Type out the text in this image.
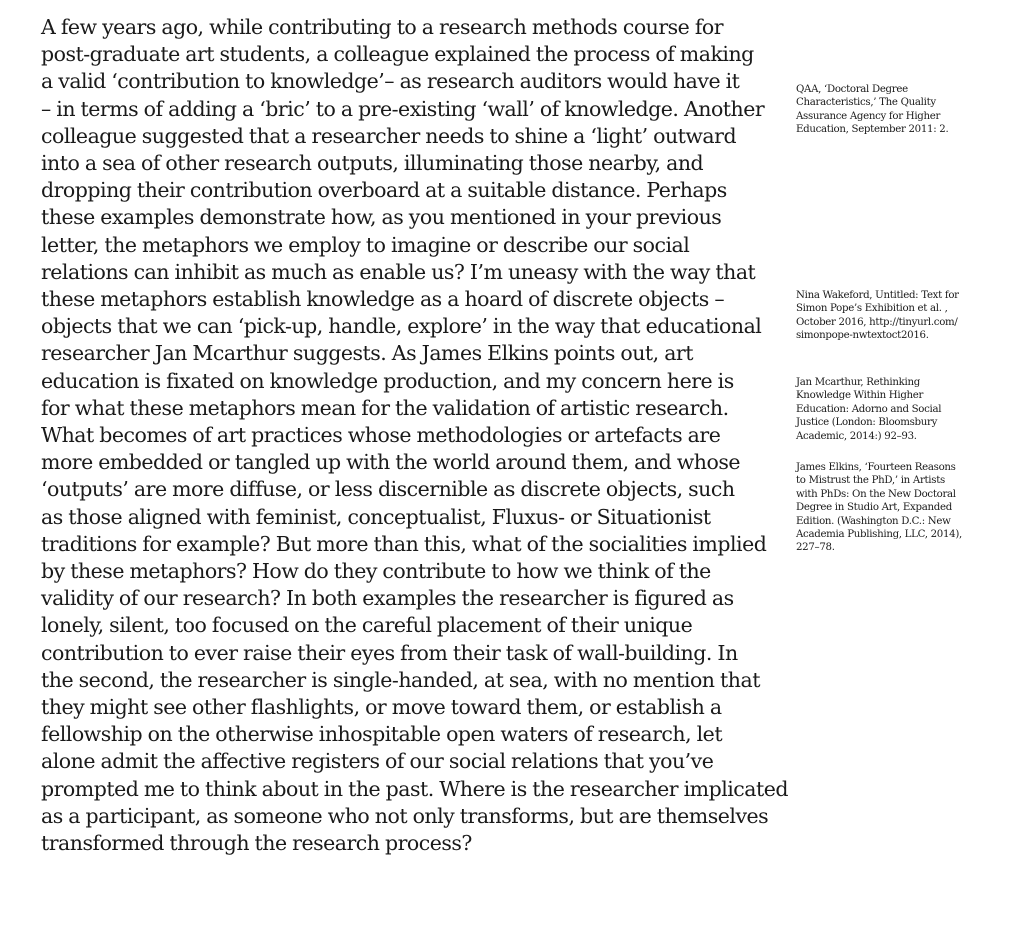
A few years ago, while contributing to a research methods course for
post-graduate art students, a colleague explained the process of making
a valid ‘contribution to knowledge’– as research auditors would have it
– in terms of adding a ‘bric’ to a pre-existing ‘wall’ of knowledge. Another
colleague suggested that a researcher needs to shine a ‘light’ outward
into a sea of other research outputs, illuminating those nearby, and
dropping their contribution overboard at a suitable distance. Perhaps
these examples demonstrate how, as you mentioned in your previous
letter, the metaphors we employ to imagine or describe our social
relations can inhibit as much as enable us? I’m uneasy with the way that
these metaphors establish knowledge as a hoard of discrete objects –
objects that we can ‘pick-up, handle, explore’ in the way that educational
researcher Jan Mcarthur suggests. As James Elkins points out, art
education is fixated on knowledge production, and my concern here is
for what these metaphors mean for the validation of artistic research.
What becomes of art practices whose methodologies or artefacts are
more embedded or tangled up with the world around them, and whose
‘outputs’ are more diffuse, or less discernible as discrete objects, such
as those aligned with feminist, conceptualist, Fluxus- or Situationist
traditions for example? But more than this, what of the socialities implied
by these metaphors? How do they contribute to how we think of the
validity of our research? In both examples the researcher is figured as
lonely, silent, too focused on the careful placement of their unique
contribution to ever raise their eyes from their task of wall-building. In
the second, the researcher is single-handed, at sea, with no mention that
they might see other flashlights, or move toward them, or establish a
fellowship on the otherwise inhospitable open waters of research, let
alone admit the affective registers of our social relations that you’ve
prompted me to think about in the past. Where is the researcher implicated
as a participant, as someone who not only transforms, but are themselves
transformed through the research process?
QAA, ‘Doctoral Degree
Characteristics,’ The Quality
Assurance Agency for Higher
Education, September 2011: 2.
Nina Wakeford, Untitled: Text for
Simon Pope’s Exhibition et al. ,
October 2016, http://tinyurl.com/
simonpope-nwtextoct2016.
Jan Mcarthur, Rethinking
Knowledge Within Higher
Education: Adorno and Social
Justice (London: Bloomsbury
Academic, 2014:) 92–93.
James Elkins, ‘Fourteen Reasons
to Mistrust the PhD,’ in Artists
with PhDs: On the New Doctoral
Degree in Studio Art, Expanded
Edition. (Washington D.C.: New
Academia Publishing, LLC, 2014),
227–78.
